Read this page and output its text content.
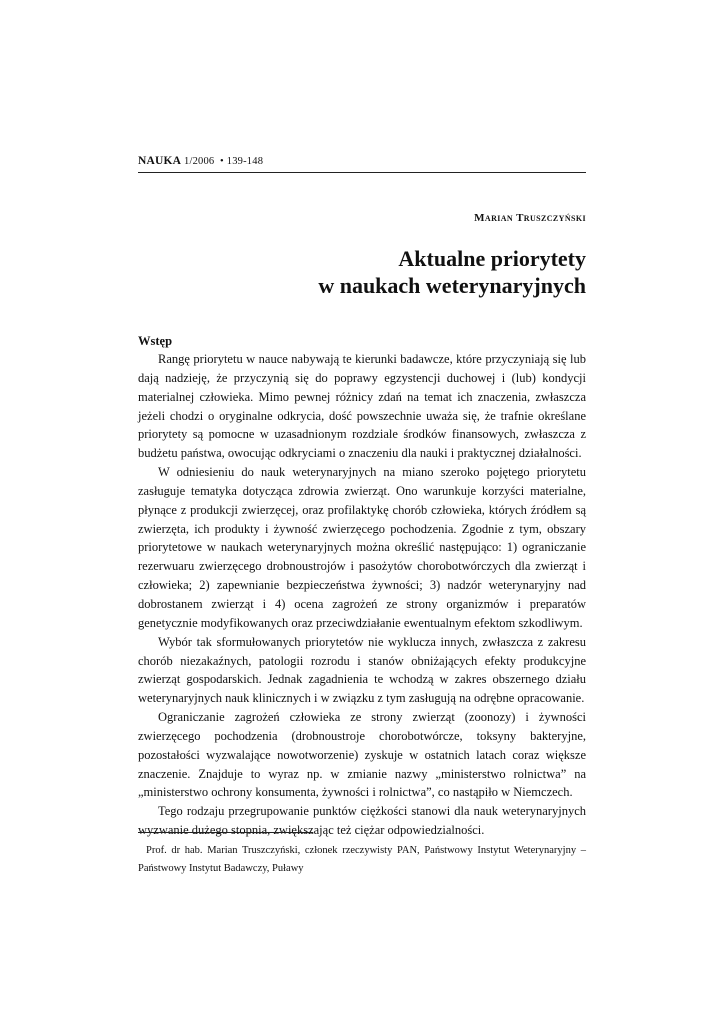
NAUKA 1/2006 • 139-148
Marian Truszczyński
Aktualne priorytety
w naukach weterynaryjnych
Wstęp

Rangę priorytetu w nauce nabywają te kierunki badawcze, które przyczyniają się lub dają nadzieję, że przyczynią się do poprawy egzystencji duchowej i (lub) kondycji materialnej człowieka. Mimo pewnej różnicy zdań na temat ich znaczenia, zwłaszcza jeżeli chodzi o oryginalne odkrycia, dość powszechnie uważa się, że trafnie określane priorytety są pomocne w uzasadnionym rozdziale środków finansowych, zwłaszcza z budżetu państwa, owocując odkryciami o znaczeniu dla nauki i praktycznej działalności.

W odniesieniu do nauk weterynaryjnych na miano szeroko pojętego priorytetu zasługuje tematyka dotycząca zdrowia zwierząt. Ono warunkuje korzyści materialne, płynące z produkcji zwierzęcej, oraz profilaktykę chorób człowieka, których źródłem są zwierzęta, ich produkty i żywność zwierzęcego pochodzenia. Zgodnie z tym, obszary priorytetowe w naukach weterynaryjnych można określić następująco: 1) ograniczanie rezerwuaru zwierzęcego drobnoustrojów i pasożytów chorobotwórczych dla zwierząt i człowieka; 2) zapewnianie bezpieczeństwa żywności; 3) nadzór weterynaryjny nad dobrostanem zwierząt i 4) ocena zagrożeń ze strony organizmów i preparatów genetycznie modyfikowanych oraz przeciwdziałanie ewentualnym efektom szkodliwym.

Wybór tak sformułowanych priorytetów nie wyklucza innych, zwłaszcza z zakresu chorób niezakaźnych, patologii rozrodu i stanów obniżających efekty produkcyjne zwierząt gospodarskich. Jednak zagadnienia te wchodzą w zakres obszernego działu weterynaryjnych nauk klinicznych i w związku z tym zasługują na odrębne opracowanie.

Ograniczanie zagrożeń człowieka ze strony zwierząt (zoonozy) i żywności zwierzęcego pochodzenia (drobnoustroje chorobotwórcze, toksyny bakteryjne, pozostałości wyzwalające nowotworzenie) zyskuje w ostatnich latach coraz większe znaczenie. Znajduje to wyraz np. w zmianie nazwy „ministerstwo rolnictwa” na „ministerstwo ochrony konsumenta, żywności i rolnictwa”, co nastąpiło w Niemczech.

Tego rodzaju przegrupowanie punktów ciężkości stanowi dla nauk weterynaryjnych wyzwanie dużego stopnia, zwiększając też ciężar odpowiedzialności.

Prof. dr hab. Marian Truszczyński, członek rzeczywisty PAN, Państwowy Instytut Weterynaryjny – Państwowy Instytut Badawczy, Puławy
